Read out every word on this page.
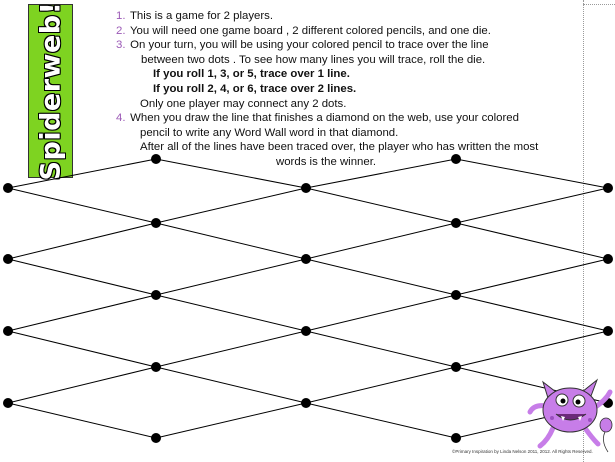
Spiderweb!	1. This is a game for 2 players.
2. You will need one game board , 2 different colored pencils, and one die.
3. On your turn, you will be using your colored pencil to trace over the line
between two dots . To see how many lines you will trace, roll the die.
If you roll 1, 3, or 5, trace over 1 line.
If you roll 2, 4, or 6, trace over 2 lines.
Only one player may connect any 2 dots.
4. When you draw the line that finishes a diamond on the web, use your colored
pencil to write any Word Wall word in that diamond.
After all of the lines have been traced over, the player who has written the most
words is the winner.
©Primary Inspiration by Linda Nelson 2011, 2012. All Rights Reserved.
